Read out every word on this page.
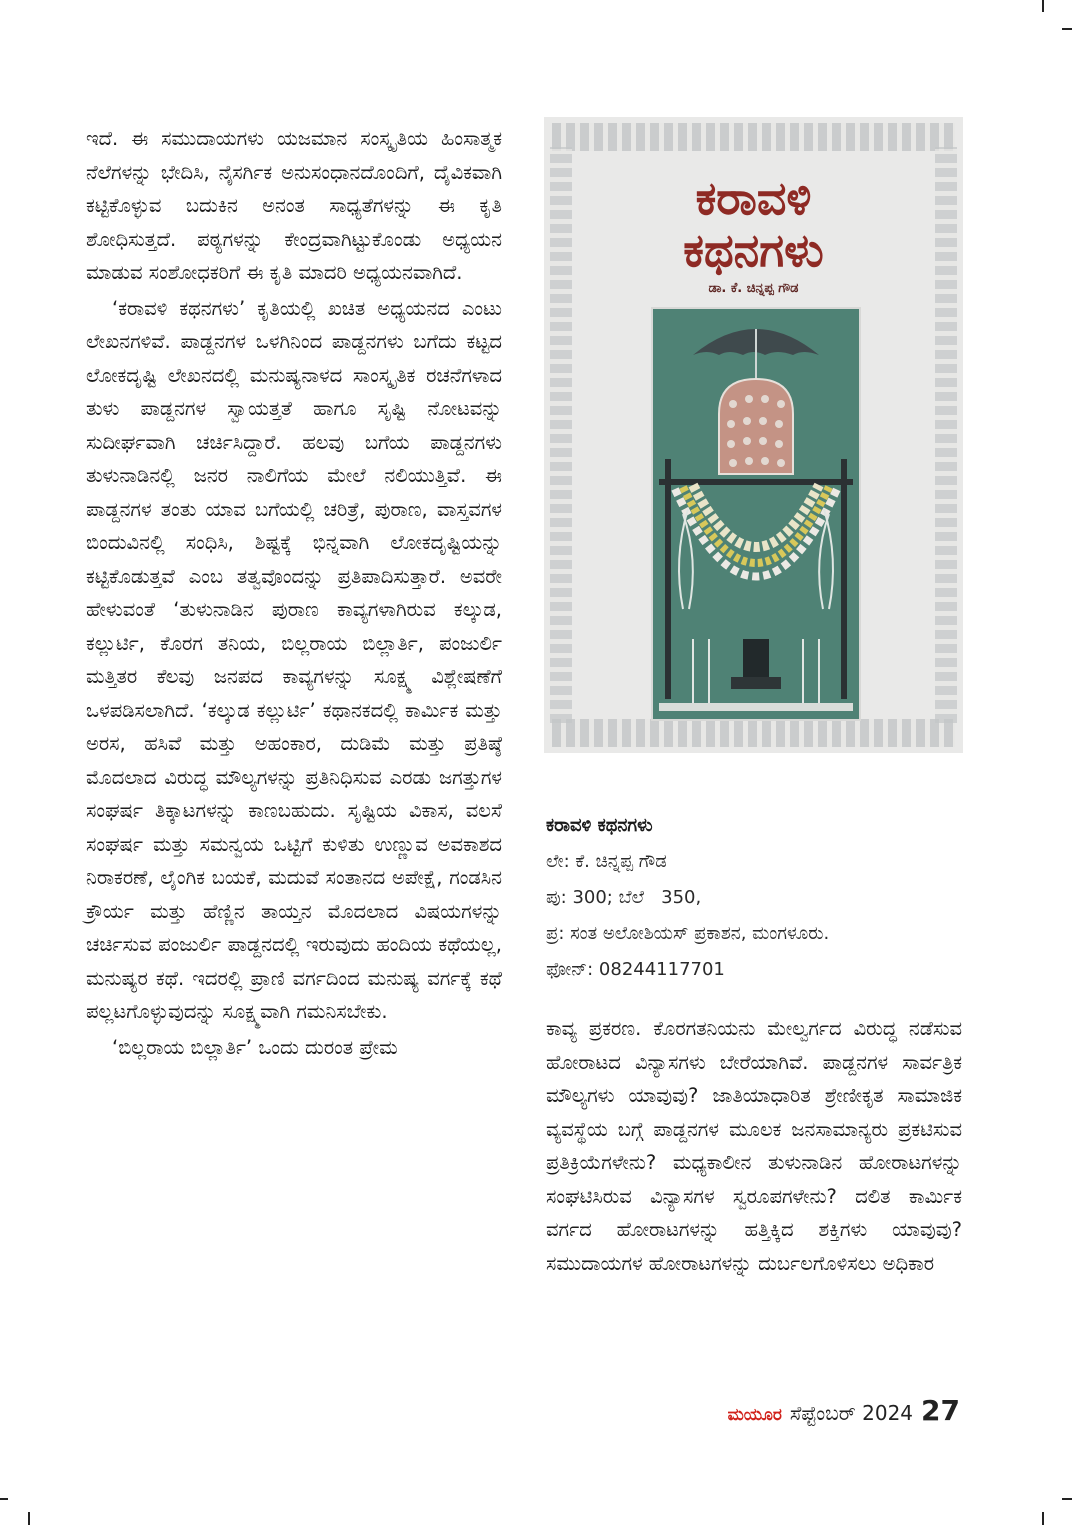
ಇದೆ. ಈ ಸಮುದಾಯಗಳು ಯಜಮಾನ ಸಂಸ್ಕೃತಿಯ ಹಿಂಸಾತ್ಮಕ ನೆಲೆಗಳನ್ನು ಭೇದಿಸಿ, ನೈಸರ್ಗಿಕ ಅನುಸಂಧಾನದೊಂದಿಗೆ, ದೈವಿಕವಾಗಿ ಕಟ್ಟಿಕೊಳ್ಳುವ ಬದುಕಿನ ಅನಂತ ಸಾಧ್ಯತೆಗಳನ್ನು ಈ ಕೃತಿ ಶೋಧಿಸುತ್ತದೆ. ಪಠ್ಯಗಳನ್ನು ಕೇಂದ್ರವಾಗಿಟ್ಟುಕೊಂಡು ಅಧ್ಯಯನ ಮಾಡುವ ಸಂಶೋಧಕರಿಗೆ ಈ ಕೃತಿ ಮಾದರಿ ಅಧ್ಯಯನವಾಗಿದೆ.

‘ಕರಾವಳಿ ಕಥನಗಳು’ ಕೃತಿಯಲ್ಲಿ ಖಚಿತ ಅಧ್ಯಯನದ ಎಂಟು ಲೇಖನಗಳಿವೆ. ಪಾಡ್ದನಗಳ ಒಳಗಿನಿಂದ ಪಾಡ್ದನಗಳು ಬಗೆದು ಕಟ್ಟದ ಲೋಕದೃಷ್ಟಿ ಲೇಖನದಲ್ಲಿ ಮನುಷ್ಯನಾಳದ ಸಾಂಸ್ಕೃತಿಕ ರಚನೆಗಳಾದ ತುಳು ಪಾಡ್ದನಗಳ ಸ್ವಾಯತ್ತತೆ ಹಾಗೂ ಸೃಷ್ಟಿ ನೋಟವನ್ನು ಸುದೀರ್ಘವಾಗಿ ಚರ್ಚಿಸಿದ್ದಾರೆ. ಹಲವು ಬಗೆಯ ಪಾಡ್ದನಗಳು ತುಳುನಾಡಿನಲ್ಲಿ ಜನರ ನಾಲಿಗೆಯ ಮೇಲೆ ನಲಿಯುತ್ತಿವೆ. ಈ ಪಾಡ್ದನಗಳ ತಂತು ಯಾವ ಬಗೆಯಲ್ಲಿ ಚರಿತ್ರೆ, ಪುರಾಣ, ವಾಸ್ತವಗಳ ಬಿಂದುವಿನಲ್ಲಿ ಸಂಧಿಸಿ, ಶಿಷ್ಟಕ್ಕೆ ಭಿನ್ನವಾಗಿ ಲೋಕದೃಷ್ಟಿಯನ್ನು ಕಟ್ಟಿಕೊಡುತ್ತವೆ ಎಂಬ ತತ್ವವೊಂದನ್ನು ಪ್ರತಿಪಾದಿಸುತ್ತಾರೆ. ಅವರೇ ಹೇಳುವಂತೆ ‘ತುಳುನಾಡಿನ ಪುರಾಣ ಕಾವ್ಯಗಳಾಗಿರುವ ಕಲ್ಕುಡ, ಕಲ್ಲುರ್ಟಿ, ಕೊರಗ ತನಿಯ, ಬಿಲ್ಲರಾಯ ಬಿಲ್ಲಾರ್ತಿ, ಪಂಜುರ್ಲಿ ಮತ್ತಿತರ ಕೆಲವು ಜನಪದ ಕಾವ್ಯಗಳನ್ನು ಸೂಕ್ಷ್ಮ ವಿಶ್ಲೇಷಣೆಗೆ ಒಳಪಡಿಸಲಾಗಿದೆ. ‘ಕಲ್ಕುಡ ಕಲ್ಲುರ್ಟಿ’ ಕಥಾನಕದಲ್ಲಿ ಕಾರ್ಮಿಕ ಮತ್ತು ಅರಸ, ಹಸಿವೆ ಮತ್ತು ಅಹಂಕಾರ, ದುಡಿಮೆ ಮತ್ತು ಪ್ರತಿಷ್ಠೆ ಮೊದಲಾದ ವಿರುದ್ಧ ಮೌಲ್ಯಗಳನ್ನು ಪ್ರತಿನಿಧಿಸುವ ಎರಡು ಜಗತ್ತುಗಳ ಸಂಘರ್ಷ ತಿಕ್ಕಾಟಗಳನ್ನು ಕಾಣಬಹುದು. ಸೃಷ್ಟಿಯ ವಿಕಾಸ, ವಲಸೆ ಸಂಘರ್ಷ ಮತ್ತು ಸಮನ್ವಯ ಒಟ್ಟಿಗೆ ಕುಳಿತು ಉಣ್ಣುವ ಅವಕಾಶದ ನಿರಾಕರಣೆ, ಲೈಂಗಿಕ ಬಯಕೆ, ಮದುವೆ ಸಂತಾನದ ಅಪೇಕ್ಷೆ, ಗಂಡಸಿನ ಕ್ರೌರ್ಯ ಮತ್ತು ಹೆಣ್ಣಿನ ತಾಯ್ತನ ಮೊದಲಾದ ವಿಷಯಗಳನ್ನು ಚರ್ಚಿಸುವ ಪಂಜುರ್ಲಿ ಪಾಡ್ದನದಲ್ಲಿ ಇರುವುದು ಹಂದಿಯ ಕಥೆಯಲ್ಲ, ಮನುಷ್ಯರ ಕಥೆ. ಇದರಲ್ಲಿ ಪ್ರಾಣಿ ವರ್ಗದಿಂದ ಮನುಷ್ಯ ವರ್ಗಕ್ಕೆ ಕಥೆ ಪಲ್ಲಟಗೊಳ್ಳುವುದನ್ನು ಸೂಕ್ಷ್ಮವಾಗಿ ಗಮನಿಸಬೇಕು.

‘ಬಿಲ್ಲರಾಯ ಬಿಲ್ಲಾರ್ತಿ’ ಒಂದು ದುರಂತ ಪ್ರೇಮ

ಕರಾವಳಿ
ಕಥನಗಳು
ಡಾ. ಕೆ. ಚಿನ್ನಪ್ಪ ಗೌಡ
ಕರಾವಳಿ ಕಥನಗಳು
ಲೇ: ಕೆ. ಚಿನ್ನಪ್ಪ ಗೌಡ
ಪು: 300; ಬೆಲೆ   350,
ಪ್ರ: ಸಂತ ಅಲೋಶಿಯಸ್ ಪ್ರಕಾಶನ, ಮಂಗಳೂರು.
ಫೋನ್: 08244117701

ಕಾವ್ಯ ಪ್ರಕರಣ. ಕೊರಗತನಿಯನು ಮೇಲ್ವರ್ಗದ ವಿರುದ್ಧ ನಡೆಸುವ ಹೋರಾಟದ ವಿನ್ಯಾಸಗಳು ಬೇರೆಯಾಗಿವೆ. ಪಾಡ್ದನಗಳ ಸಾರ್ವತ್ರಿಕ ಮೌಲ್ಯಗಳು ಯಾವುವು? ಜಾತಿಯಾಧಾರಿತ ಶ್ರೇಣೀಕೃತ ಸಾಮಾಜಿಕ ವ್ಯವಸ್ಥೆಯ ಬಗ್ಗೆ ಪಾಡ್ದನಗಳ ಮೂಲಕ ಜನಸಾಮಾನ್ಯರು ಪ್ರಕಟಿಸುವ ಪ್ರತಿಕ್ರಿಯೆಗಳೇನು? ಮಧ್ಯಕಾಲೀನ ತುಳುನಾಡಿನ ಹೋರಾಟಗಳನ್ನು ಸಂಘಟಿಸಿರುವ ವಿನ್ಯಾಸಗಳ ಸ್ವರೂಪಗಳೇನು? ದಲಿತ ಕಾರ್ಮಿಕ ವರ್ಗದ ಹೋರಾಟಗಳನ್ನು ಹತ್ತಿಕ್ಕಿದ ಶಕ್ತಿಗಳು ಯಾವುವು? ಸಮುದಾಯಗಳ ಹೋರಾಟಗಳನ್ನು ದುರ್ಬಲಗೊಳಿಸಲು ಅಧಿಕಾರ

ಮಯೂರ ಸೆಪ್ಟೆಂಬರ್ 2024 27
